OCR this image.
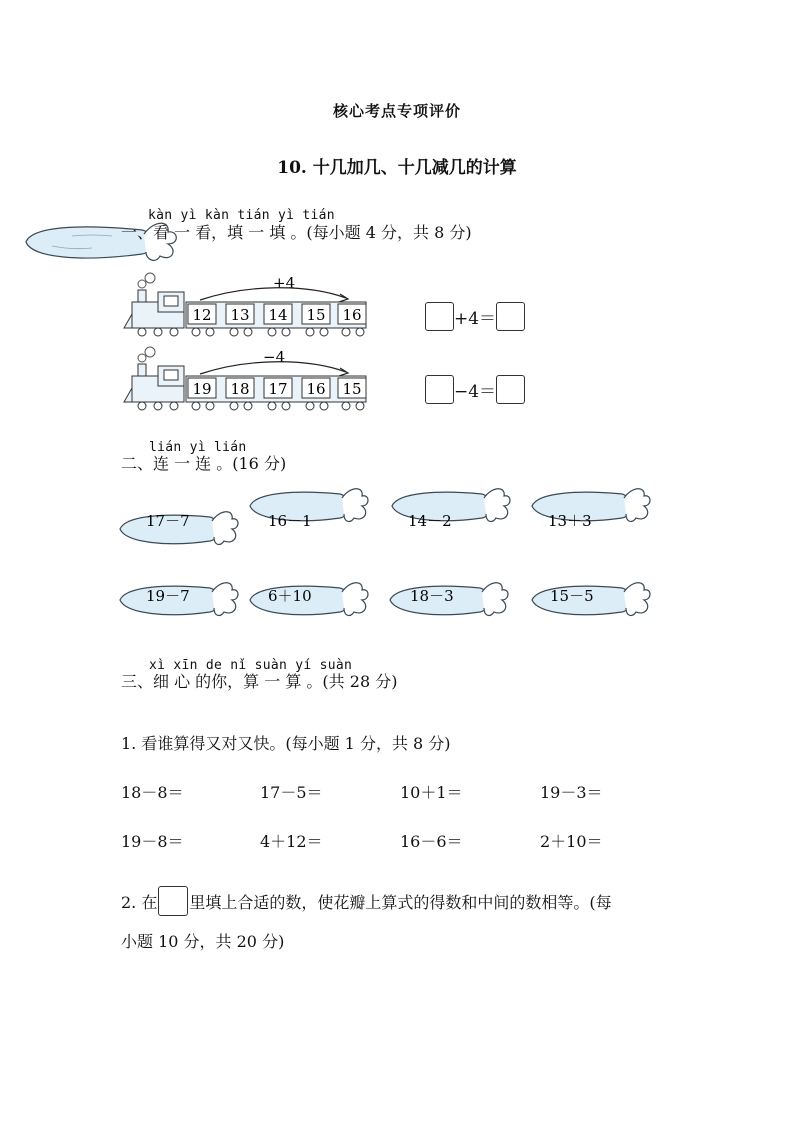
核心考点专项评价
10. 十几加几、十几减几的计算
kàn yì kàn tián yì tián
一、看 一 看，填 一 填 。(每小题 4 分，共 8 分)
+4
12 13 14 15 16	+4＝
−4
19 18 17 16 15	−4＝
lián yì lián
二、连 一 连 。(16 分)
17－7	16－1	14－2	13＋3
19－7	6＋10	18－3	15－5
xì xīn de nǐ suàn yí suàn
三、细 心 的你，算 一 算 。(共 28 分)
1. 看谁算得又对又快。(每小题 1 分，共 8 分)
18－8＝	17－5＝	10＋1＝	19－3＝
19－8＝	4＋12＝	16－6＝	2＋10＝
2. 在 里填上合适的数，使花瓣上算式的得数和中间的数相等。(每
小题 10 分，共 20 分)
